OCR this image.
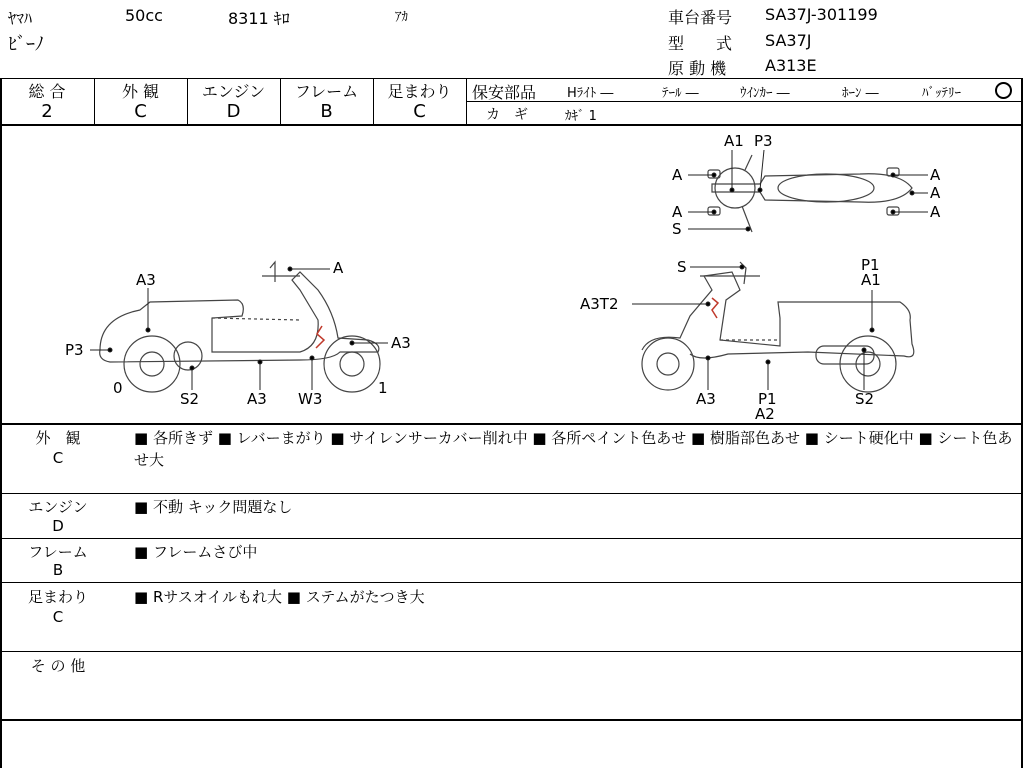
ﾔﾏﾊ	50cc	8311 ｷﾛ	ｱｶ
ﾋﾞｰﾉ
車台番号 SA37J-301199
型　　式 SA37J
原 動 機 A313E
総 合
2
外 観
C
エンジン
D
フレーム
B
足まわり
C
保安部品 Hﾗｲﾄ ―	ﾃｰﾙ ―	ｳｲﾝｶｰ ―	ﾎｰﾝ ―	ﾊﾞｯﾃﾘｰ
カ　ギ	ｶｷﾞ 1
A1 P3
A
A
A
A
A
S
A
A3
P3	A3
0
S2	A3 W3
1
S	P1
A1
A3T2
A3	P1
A2
S2
外　観
C
■ 各所きず ■ レバーまがり ■ サイレンサーカバー削れ中 ■ 各所ペイント色あせ ■ 樹脂部色あせ ■ シート硬化中 ■ シート色あせ大
エンジン
D
■ 不動 キック問題なし
フレーム
B
■ フレームさび中
足まわり
C
■ Rサスオイルもれ大 ■ ステムがたつき大
そ の 他
